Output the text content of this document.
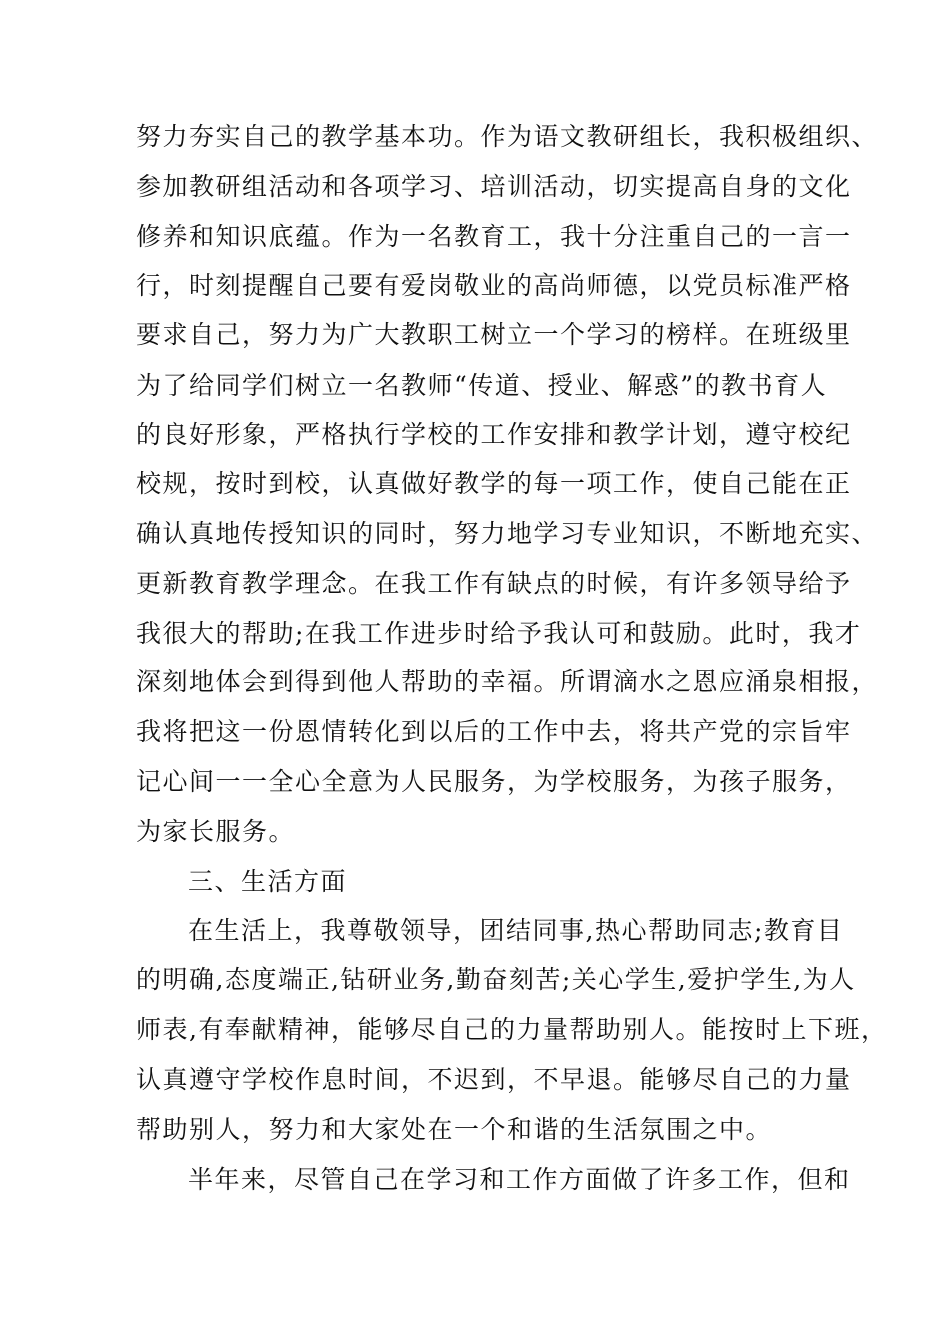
努力夯实自己的教学基本功。作为语文教研组长，我积极组织、
参加教研组活动和各项学习、培训活动，切实提高自身的文化
修养和知识底蕴。作为一名教育工，我十分注重自己的一言一
行，时刻提醒自己要有爱岗敬业的高尚师德，以党员标准严格
要求自己，努力为广大教职工树立一个学习的榜样。在班级里
为了给同学们树立一名教师“传道、授业、解惑”的教书育人
的良好形象，严格执行学校的工作安排和教学计划，遵守校纪
校规，按时到校，认真做好教学的每一项工作，使自己能在正
确认真地传授知识的同时，努力地学习专业知识，不断地充实、
更新教育教学理念。在我工作有缺点的时候，有许多领导给予
我很大的帮助;在我工作进步时给予我认可和鼓励。此时，我才
深刻地体会到得到他人帮助的幸福。所谓滴水之恩应涌泉相报，
我将把这一份恩情转化到以后的工作中去，将共产党的宗旨牢
记心间一一全心全意为人民服务，为学校服务，为孩子服务，
为家长服务。
三、生活方面
在生活上，我尊敬领导，团结同事,热心帮助同志;教育目
的明确,态度端正,钻研业务,勤奋刻苦;关心学生,爱护学生,为人
师表,有奉献精神，能够尽自己的力量帮助别人。能按时上下班，
认真遵守学校作息时间，不迟到，不早退。能够尽自己的力量
帮助别人，努力和大家处在一个和谐的生活氛围之中。
半年来，尽管自己在学习和工作方面做了许多工作，但和
